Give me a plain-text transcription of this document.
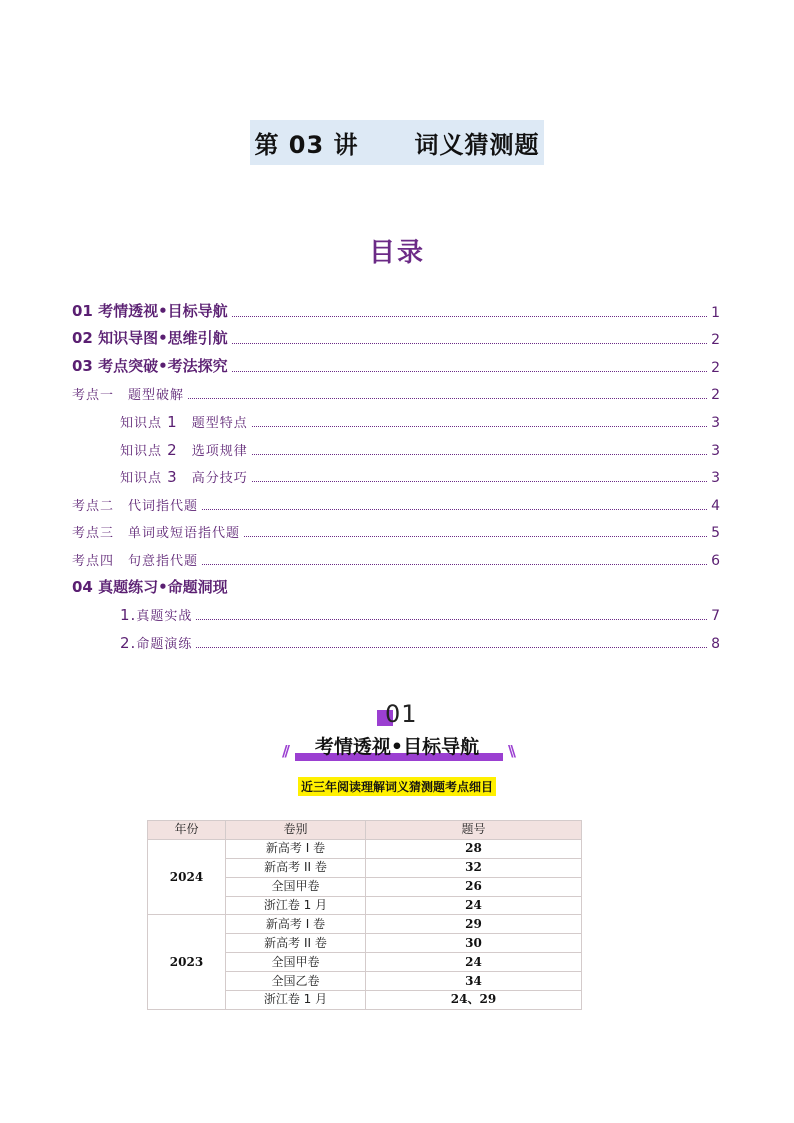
第 03 讲 词义猜测题
目录
01 考情透视•目标导航	1
02 知识导图•思维引航	2
03 考点突破•考法探究	2
考点一　题型破解	2
知识点 1　 题型特点	3
知识点 2　 选项规律	3
知识点 3　 高分技巧	3
考点二　代词指代题	4
考点三　单词或短语指代题	5
考点四　句意指代题	6
04 真题练习•命题洞现
1.真题实战	7
2.命题演练	8
01
考情透视•目标导航
//	\\
近三年阅读理解词义猜测题考点细目
年份	卷别	题号
2024	新高考 I 卷	28
	新高考 II 卷	32
	全国甲卷	26
	浙江卷 1 月	24
2023	新高考 I 卷	29
	新高考 II 卷	30
	全国甲卷	24
	全国乙卷	34
	浙江卷 1 月	24、29
